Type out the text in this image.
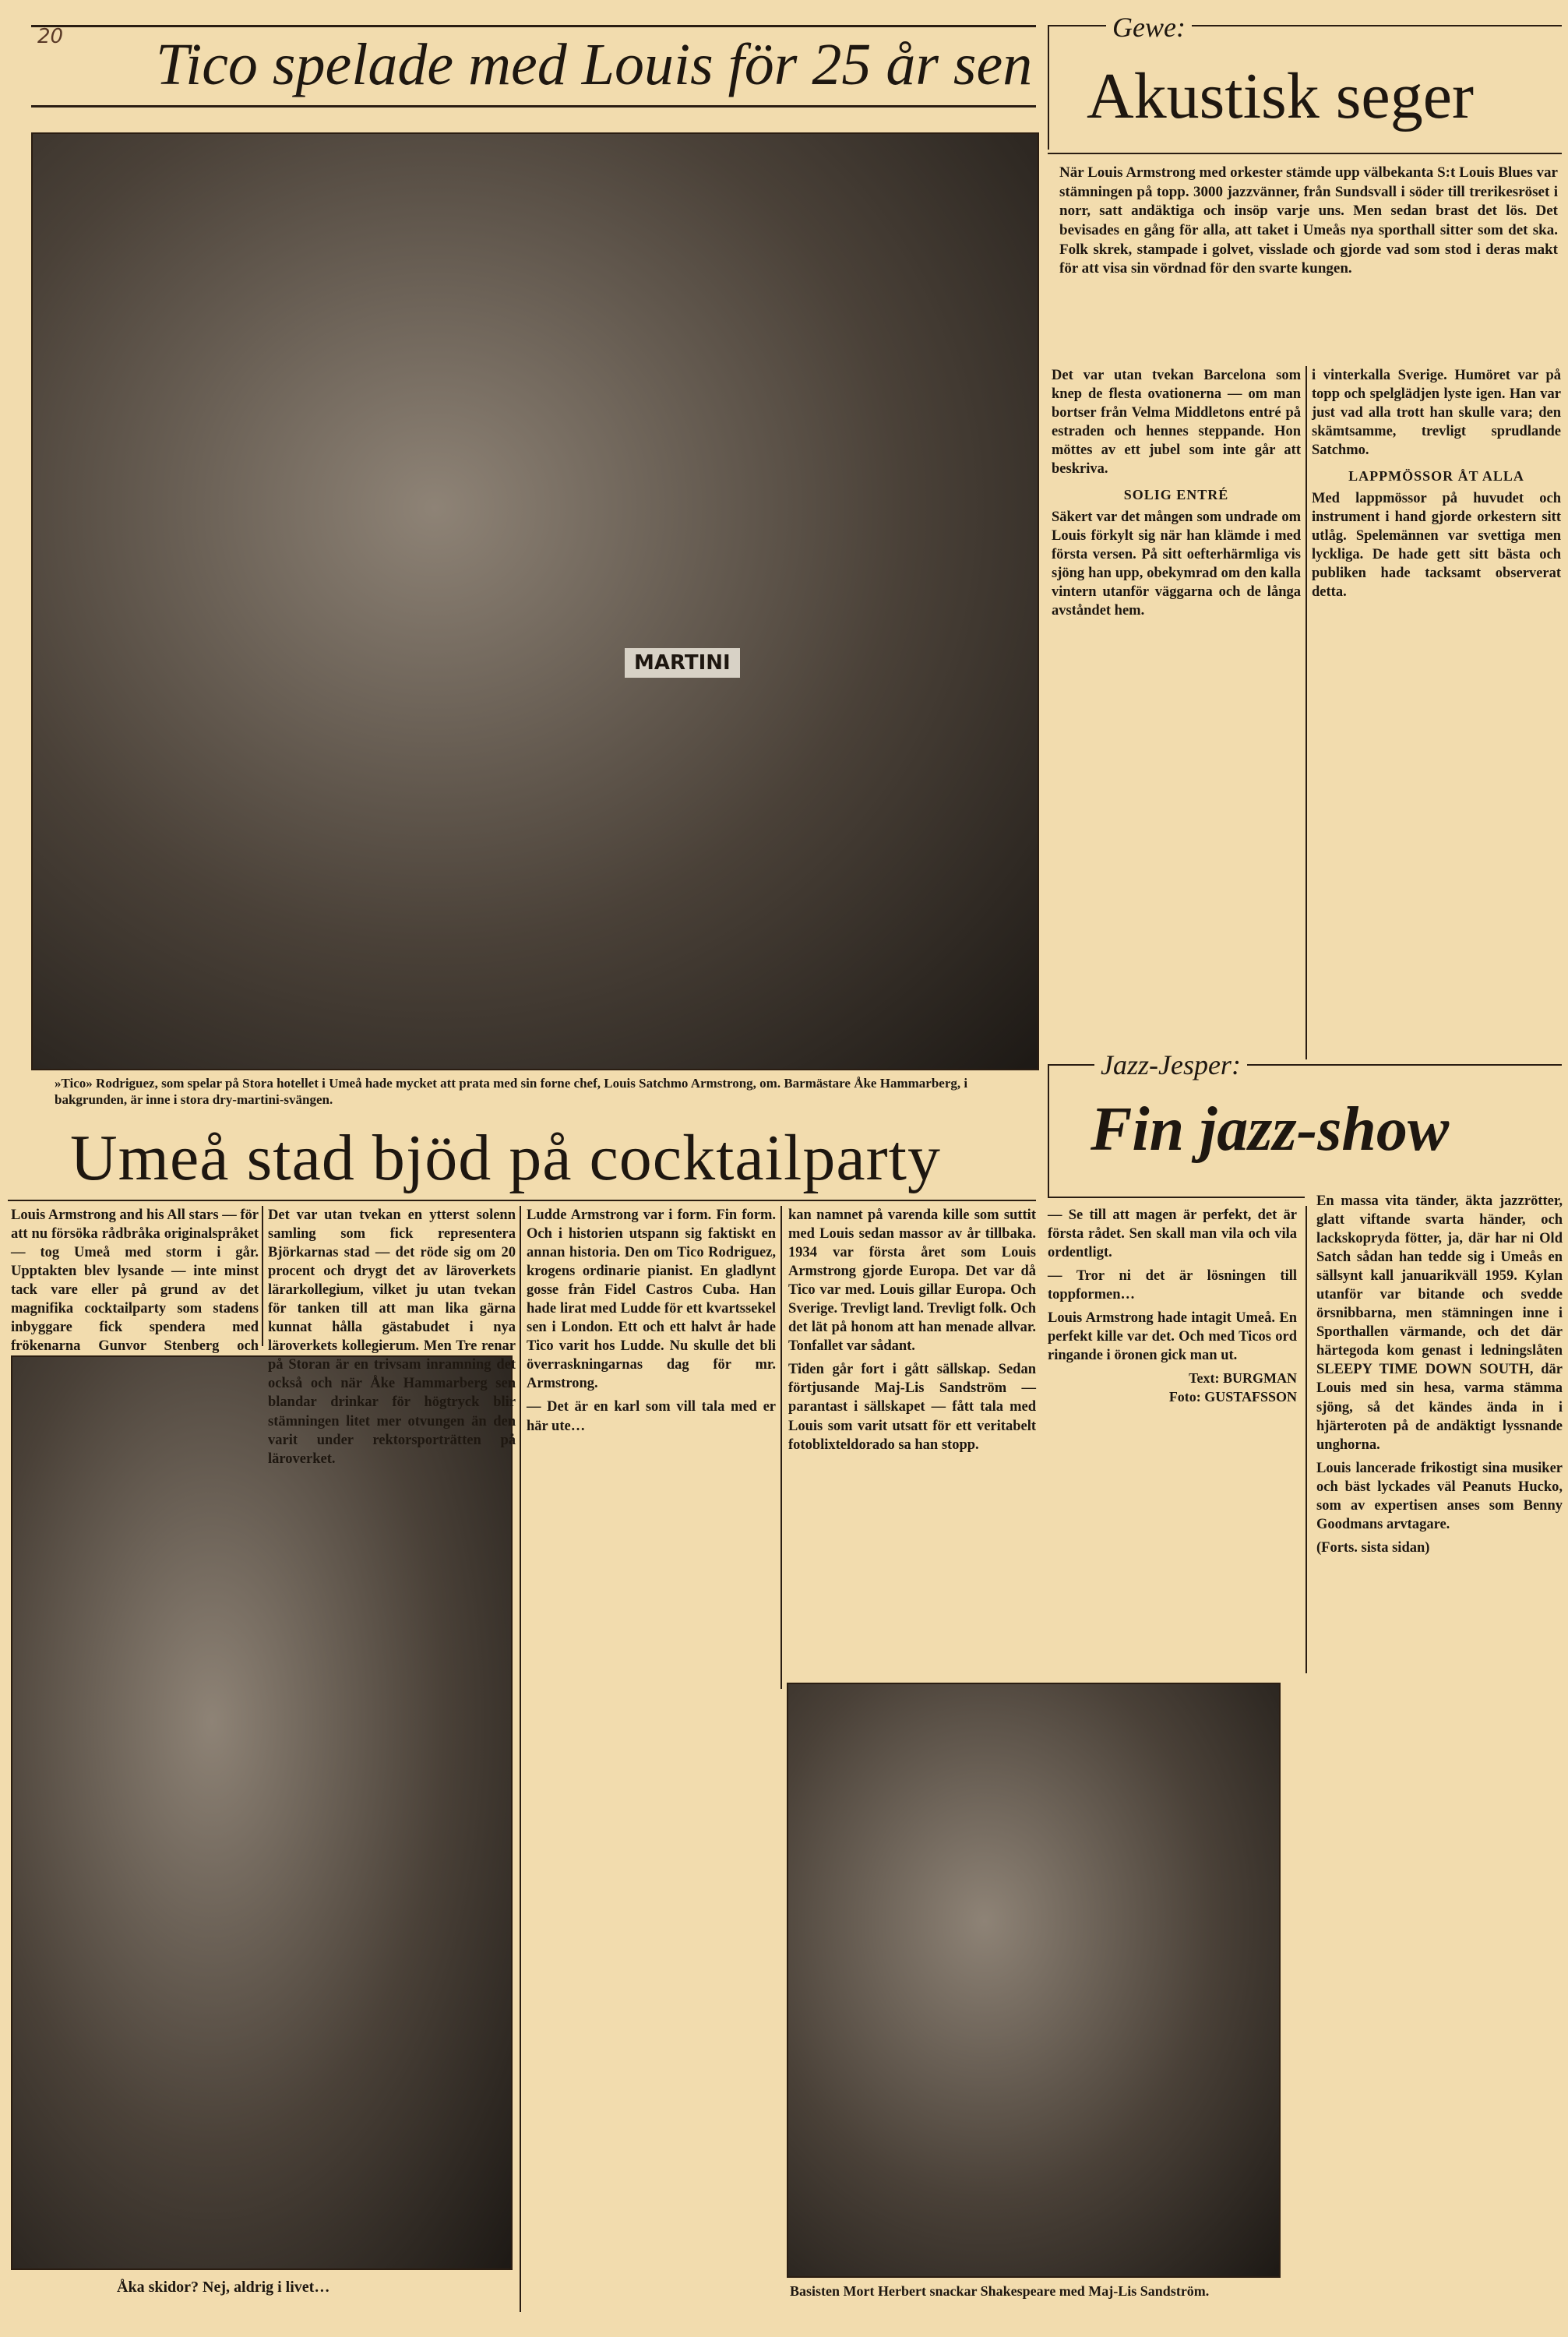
20 Tico spelade med Louis för 25 år sen
MARTINI
»Tico» Rodriguez, som spelar på Stora hotellet i Umeå hade mycket att prata med sin forne chef, Louis Satchmo Armstrong, om. Barmästare Åke Hammarberg, i bakgrunden, är inne i stora dry-martini-svängen.
Umeå stad bjöd på cocktailparty

Louis Armstrong and his All stars — för att nu försöka rådbråka originalspråket — tog Umeå med storm i går. Upptakten blev lysande — inte minst tack vare eller på grund av det magnifika cocktailparty som stadens inbyggare fick spendera med frökenarna Gunvor Stenberg och

Åka skidor? Nej, aldrig i livet…

Det var utan tvekan en ytterst solenn samling som fick representera Björkarnas stad — det röde sig om 20 procent och drygt det av läroverkets lärarkollegium, vilket ju utan tvekan för tanken till att man lika gärna kunnat hålla gästabudet i nya läroverkets kollegierum. Men Tre renar på Storan är en trivsam inramning det också och när Åke Hammarberg sen blandar drinkar för högtryck blir stämningen litet mer otvungen än den varit under rektorsporträtten på läroverket.

Ludde Armstrong var i form. Fin form. Och i historien utspann sig faktiskt en annan historia. Den om Tico Rodriguez, krogens ordinarie pianist. En gladlynt gosse från Fidel Castros Cuba. Han hade lirat med Ludde för ett kvartssekel sen i London. Ett och ett halvt år hade Tico varit hos Ludde. Nu skulle det bli överraskningarnas dag för mr. Armstrong.

— Det är en karl som vill tala med er här ute…

kan namnet på varenda kille som suttit med Louis sedan massor av år tillbaka. 1934 var första året som Louis Armstrong gjorde Europa. Det var då Tico var med. Louis gillar Europa. Och Sverige. Trevligt land. Trevligt folk. Och det lät på honom att han menade allvar. Tonfallet var sådant.

Tiden går fort i gått sällskap. Sedan förtjusande Maj-Lis Sandström — parantast i sällskapet — fått tala med Louis som varit utsatt för ett veritabelt fotoblixteldorado sa han stopp.

Basisten Mort Herbert snackar Shakespeare med Maj-Lis Sandström.
Gewe:
Akustisk seger

När Louis Armstrong med orkester stämde upp välbekanta S:t Louis Blues var stämningen på topp. 3000 jazzvänner, från Sundsvall i söder till trerikesröset i norr, satt andäktiga och insöp varje uns. Men sedan brast det lös. Det bevisades en gång för alla, att taket i Umeås nya sporthall sitter som det ska. Folk skrek, stampade i golvet, visslade och gjorde vad som stod i deras makt för att visa sin vördnad för den svarte kungen.

Det var utan tvekan Barcelona som knep de flesta ovationerna — om man bortser från Velma Middletons entré på estraden och hennes steppande. Hon möttes av ett jubel som inte går att beskriva.

SOLIG ENTRÉ

Säkert var det mången som undrade om Louis förkylt sig när han klämde i med första versen. På sitt oefterhärmliga vis sjöng han upp, obekymrad om den kalla vintern utanför väggarna och de långa avståndet hem.

i vinterkalla Sverige. Humöret var på topp och spelglädjen lyste igen. Han var just vad alla trott han skulle vara; den skämtsamme, trevligt sprudlande Satchmo.

LAPPMÖSSOR ÅT ALLA

Med lappmössor på huvudet och instrument i hand gjorde orkestern sitt utlåg. Spelemännen var svettiga men lyckliga. De hade gett sitt bästa och publiken hade tacksamt observerat detta.

Jazz-Jesper:
Fin jazz-show

— Se till att magen är perfekt, det är första rådet. Sen skall man vila och vila ordentligt.

— Tror ni det är lösningen till toppformen…

Louis Armstrong hade intagit Umeå. En perfekt kille var det. Och med Ticos ord ringande i öronen gick man ut.

Text: BURGMAN
Foto: GUSTAFSSON

En massa vita tänder, äkta jazzrötter, glatt viftande svarta händer, och lackskopryda fötter, ja, där har ni Old Satch sådan han tedde sig i Umeås en sällsynt kall januarikväll 1959. Kylan utanför var bitande och svedde örsnibbarna, men stämningen inne i Sporthallen värmande, och det där härtegoda kom genast i ledningslåten SLEEPY TIME DOWN SOUTH, där Louis med sin hesa, varma stämma sjöng, så det kändes ända in i hjärteroten på de andäktigt lyssnande unghorna.

Louis lancerade frikostigt sina musiker och bäst lyckades väl Peanuts Hucko, som av expertisen anses som Benny Goodmans arvtagare.

(Forts. sista sidan)
